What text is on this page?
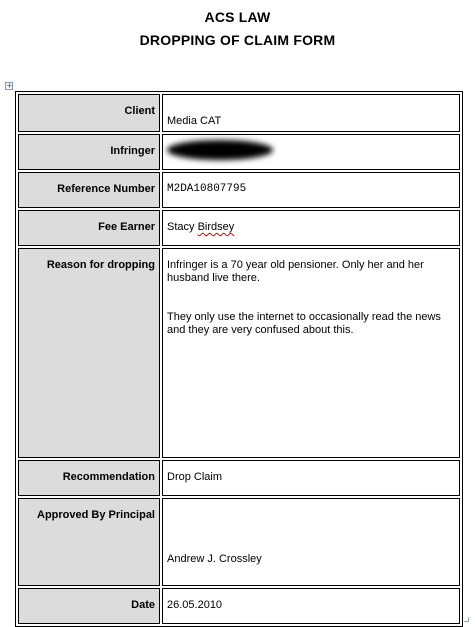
ACS LAW
DROPPING OF CLAIM FORM
+
Client	Media CAT
Infringer	
Reference Number	M2DA10807795
Fee Earner	Stacy Birdsey
Reason for dropping	Infringer is a 70 year old pensioner. Only her and her husband live there.

They only use the internet to occasionally read the news and they are very confused about this.

Recommendation	Drop Claim
Approved By Principal	Andrew J. Crossley

Date	26.05.2010
